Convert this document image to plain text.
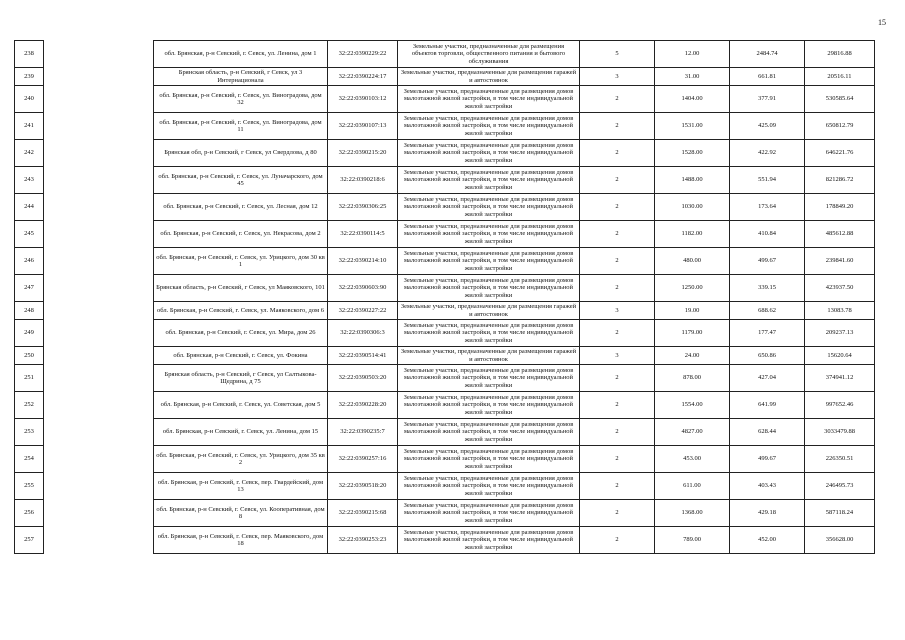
15
238		обл. Брянская, р-н Севский, г. Севск, ул. Ленина, дом 1	32:22:0390229:22	Земельные участки, предназначенные для размещения объектов торговли, общественного питания и бытового обслуживания	5	12.00	2484.74	29816.88
239		Брянская область, р-н Севский, г Севск, ул 3 Интернационала	32:22:0390224:17	Земельные участки, предназначенные для размещения гаражей и автостоянок	3	31.00	661.81	20516.11
240		обл. Брянская, р-н Севский, г. Севск, ул. Виноградова, дом 32	32:22:0390103:12	Земельные участки, предназначенные для размещения домов малоэтажной жилой застройки, в том числе индивидуальной жилой застройки	2	1404.00	377.91	530585.64
241		обл. Брянская, р-н Севский, г. Севск, ул. Виноградова, дом 11	32:22:0390107:13	Земельные участки, предназначенные для размещения домов малоэтажной жилой застройки, в том числе индивидуальной жилой застройки	2	1531.00	425.09	650812.79
242		Брянская обл, р-н Севский, г Севск, ул Свердлова, д 80	32:22:0390215:20	Земельные участки, предназначенные для размещения домов малоэтажной жилой застройки, в том числе индивидуальной жилой застройки	2	1528.00	422.92	646221.76
243		обл. Брянская, р-н Севский, г. Севск, ул. Луначарского, дом 45	32:22:0390218:6	Земельные участки, предназначенные для размещения домов малоэтажной жилой застройки, в том числе индивидуальной жилой застройки	2	1488.00	551.94	821286.72
244		обл. Брянская, р-н Севский, г. Севск, ул. Лесная, дом 12	32:22:0390306:25	Земельные участки, предназначенные для размещения домов малоэтажной жилой застройки, в том числе индивидуальной жилой застройки	2	1030.00	173.64	178849.20
245		обл. Брянская, р-н Севский, г. Севск, ул. Некрасова, дом 2	32:22:0390114:5	Земельные участки, предназначенные для размещения домов малоэтажной жилой застройки, в том числе индивидуальной жилой застройки	2	1182.00	410.84	485612.88
246		обл. Брянская, р-н Севский, г. Севск, ул. Урицкого, дом 30 кв 1	32:22:0390214:10	Земельные участки, предназначенные для размещения домов малоэтажной жилой застройки, в том числе индивидуальной жилой застройки	2	480.00	499.67	239841.60
247		Брянская область, р-н Севский, г Севск, ул Маяковского, 101	32:22:0390603:90	Земельные участки, предназначенные для размещения домов малоэтажной жилой застройки, в том числе индивидуальной жилой застройки	2	1250.00	339.15	423937.50
248		обл. Брянская, р-н Севский, г. Севск, ул. Маяковского, дом 6	32:22:0390227:22	Земельные участки, предназначенные для размещения гаражей и автостоянок	3	19.00	688.62	13083.78
249		обл. Брянская, р-н Севский, г. Севск, ул. Мира, дом 26	32:22:0390306:3	Земельные участки, предназначенные для размещения домов малоэтажной жилой застройки, в том числе индивидуальной жилой застройки	2	1179.00	177.47	209237.13
250		обл. Брянская, р-н Севский, г. Севск, ул. Фокина	32:22:0390514:41	Земельные участки, предназначенные для размещения гаражей и автостоянок	3	24.00	650.86	15620.64
251		Брянская область, р-н Севский, г Севск, ул Салтыкова-Щедрина, д 75	32:22:0390503:20	Земельные участки, предназначенные для размещения домов малоэтажной жилой застройки, в том числе индивидуальной жилой застройки	2	878.00	427.04	374941.12
252		обл. Брянская, р-н Севский, г. Севск, ул. Советская, дом 5	32:22:0390228:20	Земельные участки, предназначенные для размещения домов малоэтажной жилой застройки, в том числе индивидуальной жилой застройки	2	1554.00	641.99	997652.46
253		обл. Брянская, р-н Севский, г. Севск, ул. Ленина, дом 15	32:22:0390235:7	Земельные участки, предназначенные для размещения домов малоэтажной жилой застройки, в том числе индивидуальной жилой застройки	2	4827.00	628.44	3033479.88
254		обл. Брянская, р-н Севский, г. Севск, ул. Урицкого, дом 35 кв 2	32:22:0390257:16	Земельные участки, предназначенные для размещения домов малоэтажной жилой застройки, в том числе индивидуальной жилой застройки	2	453.00	499.67	226350.51
255		обл. Брянская, р-н Севский, г. Севск, пер. Гвардейский, дом 13	32:22:0390518:20	Земельные участки, предназначенные для размещения домов малоэтажной жилой застройки, в том числе индивидуальной жилой застройки	2	611.00	403.43	246495.73
256		обл. Брянская, р-н Севский, г. Севск, ул. Кооперативная, дом 8	32:22:0390215:68	Земельные участки, предназначенные для размещения домов малоэтажной жилой застройки, в том числе индивидуальной жилой застройки	2	1368.00	429.18	587118.24
257		обл. Брянская, р-н Севский, г. Севск, пер. Маяковского, дом 18	32:22:0390253:23	Земельные участки, предназначенные для размещения домов малоэтажной жилой застройки, в том числе индивидуальной жилой застройки	2	789.00	452.00	356628.00
